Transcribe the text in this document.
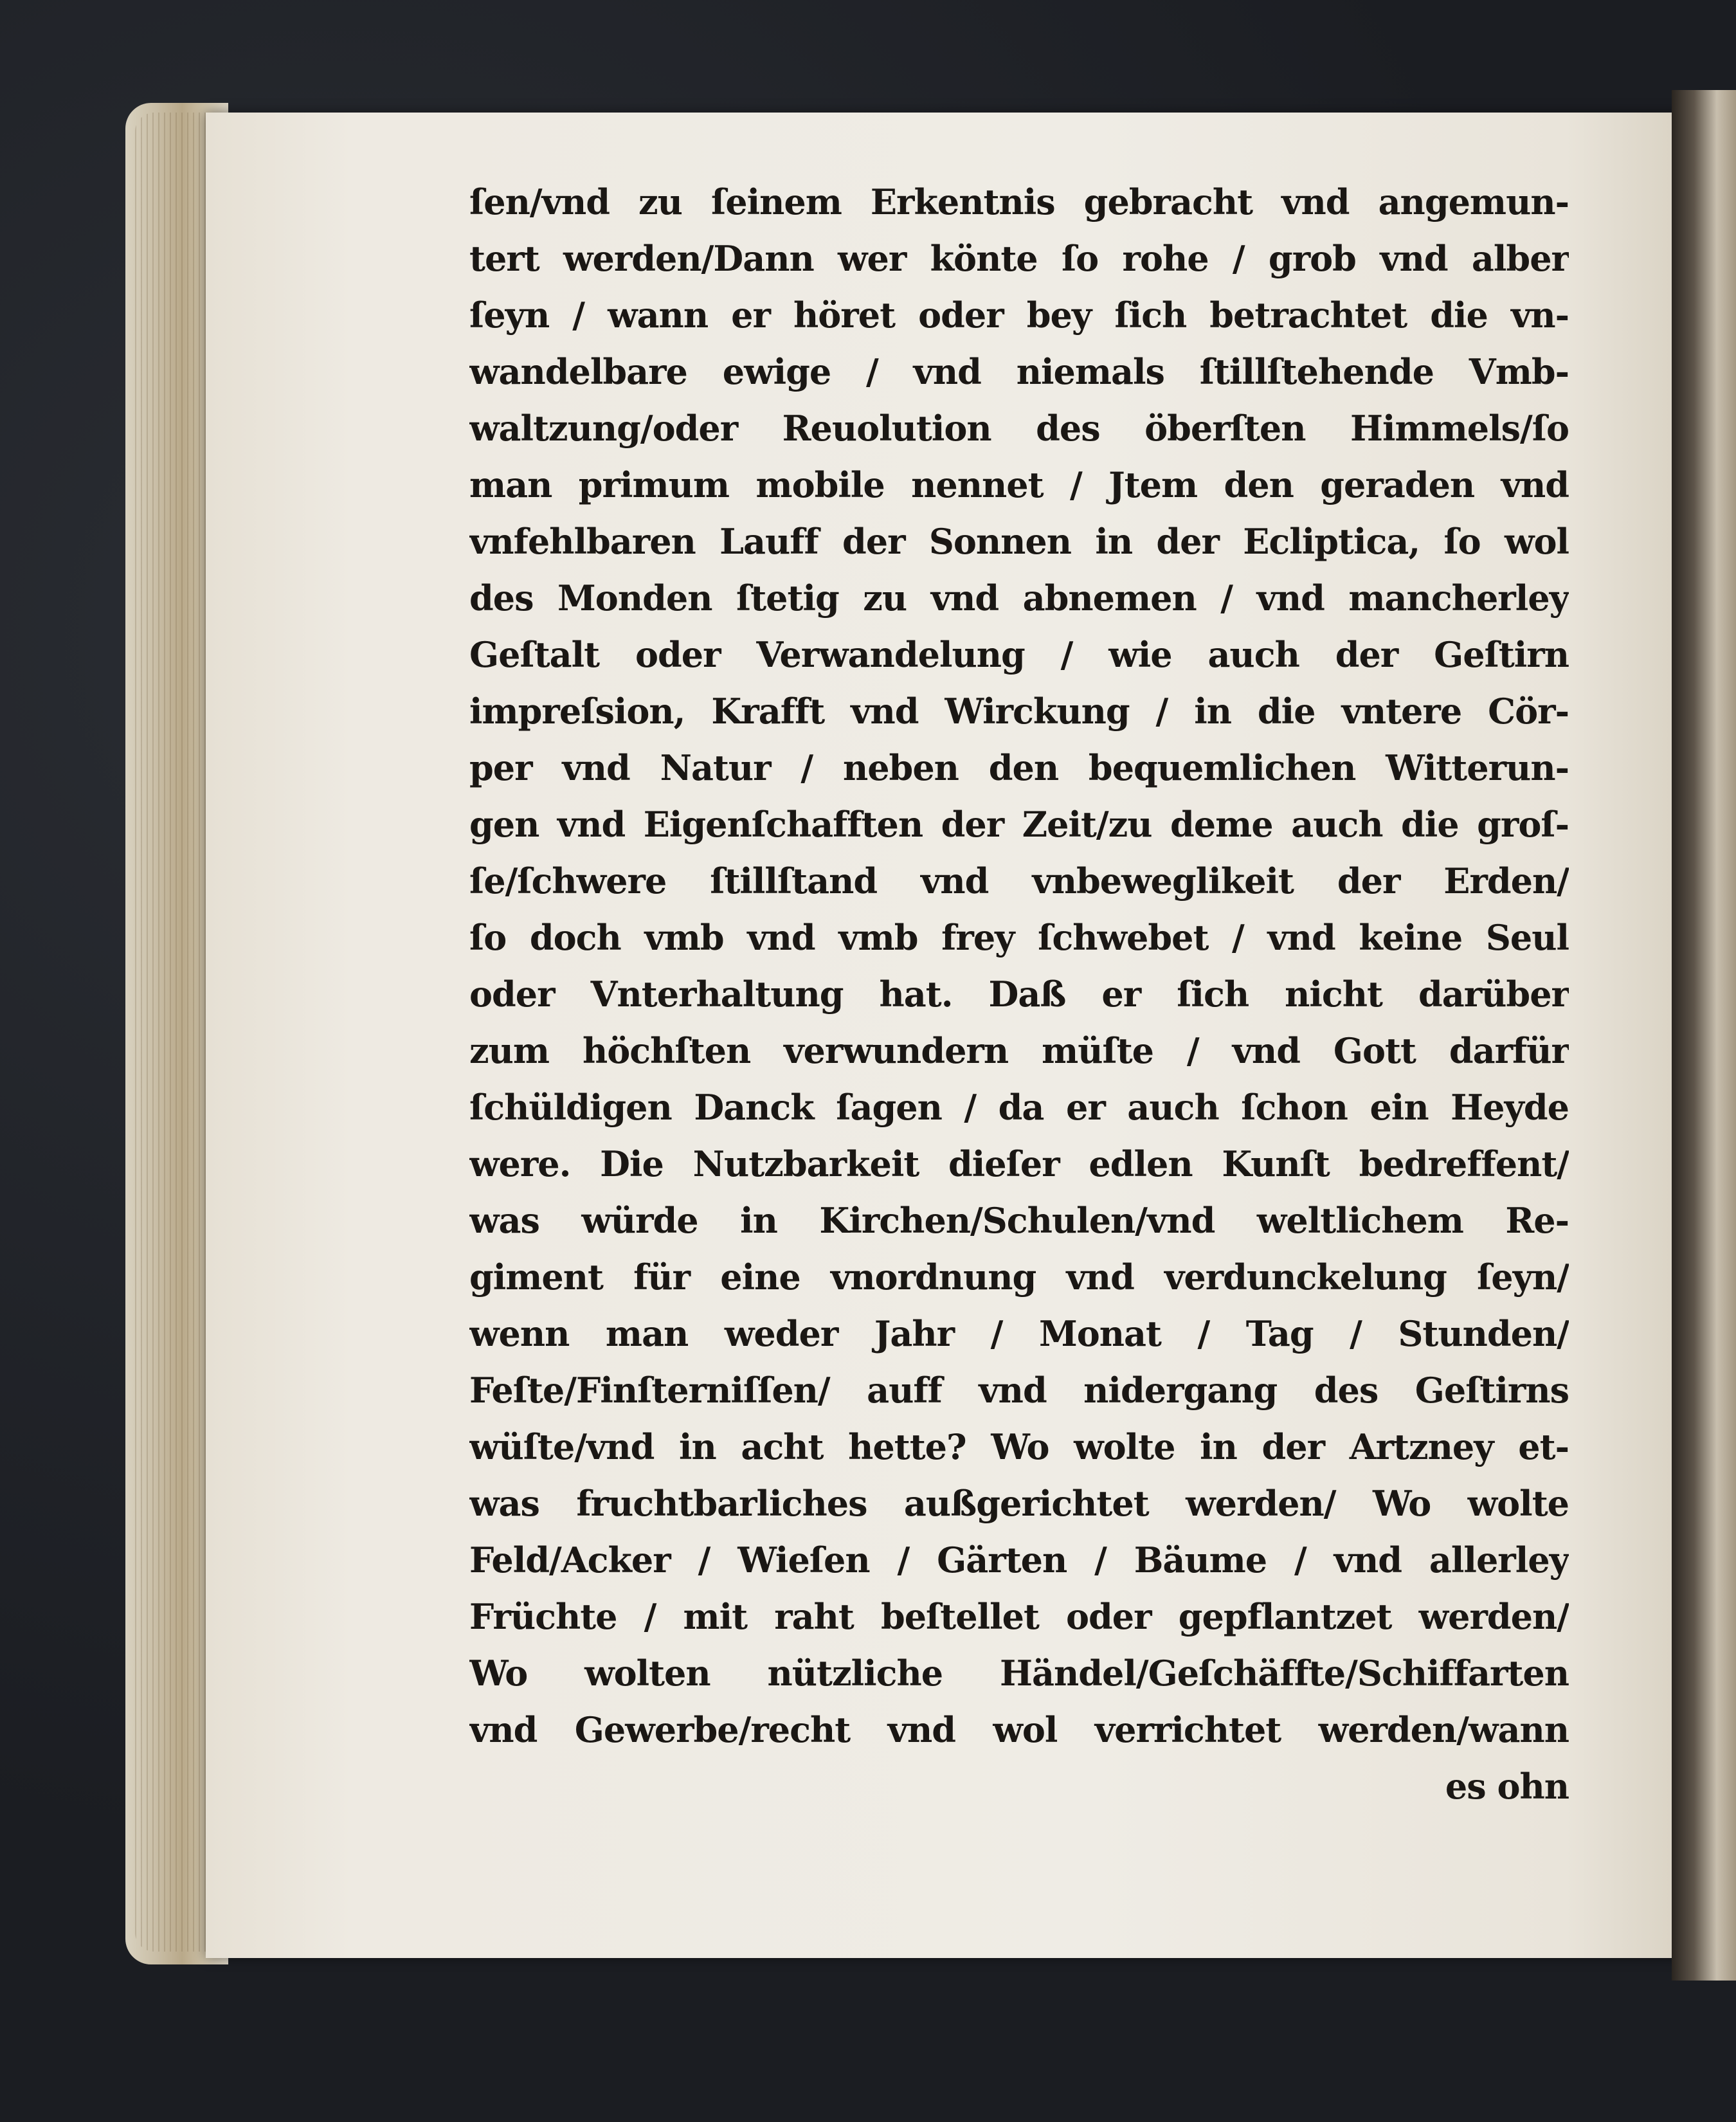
ſen/vnd zu ſeinem Erkentnis gebracht vnd angemun-
tert werden/Dann wer könte ſo rohe / grob vnd alber
ſeyn / wann er höret oder bey ſich betrachtet die vn-
wandelbare ewige / vnd niemals ſtillſtehende Vmb-
waltzung/oder Reuolution des öberſten Himmels/ſo
man primum mobile nennet / Jtem den geraden vnd
vnfehlbaren Lauff der Sonnen in der Ecliptica, ſo wol
des Monden ſtetig zu vnd abnemen / vnd mancherley
Geſtalt oder Verwandelung / wie auch der Geſtirn
impreſsion, Krafft vnd Wirckung / in die vntere Cör-
per vnd Natur / neben den bequemlichen Witterun-
gen vnd Eigenſchafften der Zeit/zu deme auch die groſ-
ſe/ſchwere ſtillſtand vnd vnbeweglikeit der Erden/
ſo doch vmb vnd vmb frey ſchwebet / vnd keine Seul
oder Vnterhaltung hat. Daß er ſich nicht darüber
zum höchſten verwundern müſte / vnd Gott darfür
ſchüldigen Danck ſagen / da er auch ſchon ein Heyde
were. Die Nutzbarkeit dieſer edlen Kunſt bedreffent/
was würde in Kirchen/Schulen/vnd weltlichem Re-
giment für eine vnordnung vnd verdunckelung ſeyn/
wenn man weder Jahr / Monat / Tag / Stunden/
Feſte/Finſterniſſen/ auff vnd nidergang des Geſtirns
wüſte/vnd in acht hette? Wo wolte in der Artzney et-
was fruchtbarliches außgerichtet werden/ Wo wolte
Feld/Acker / Wieſen / Gärten / Bäume / vnd allerley
Früchte / mit raht beſtellet oder gepflantzet werden/
Wo wolten nützliche Händel/Geſchäffte/Schiffarten
vnd Gewerbe/recht vnd wol verrichtet werden/wann
es ohn
